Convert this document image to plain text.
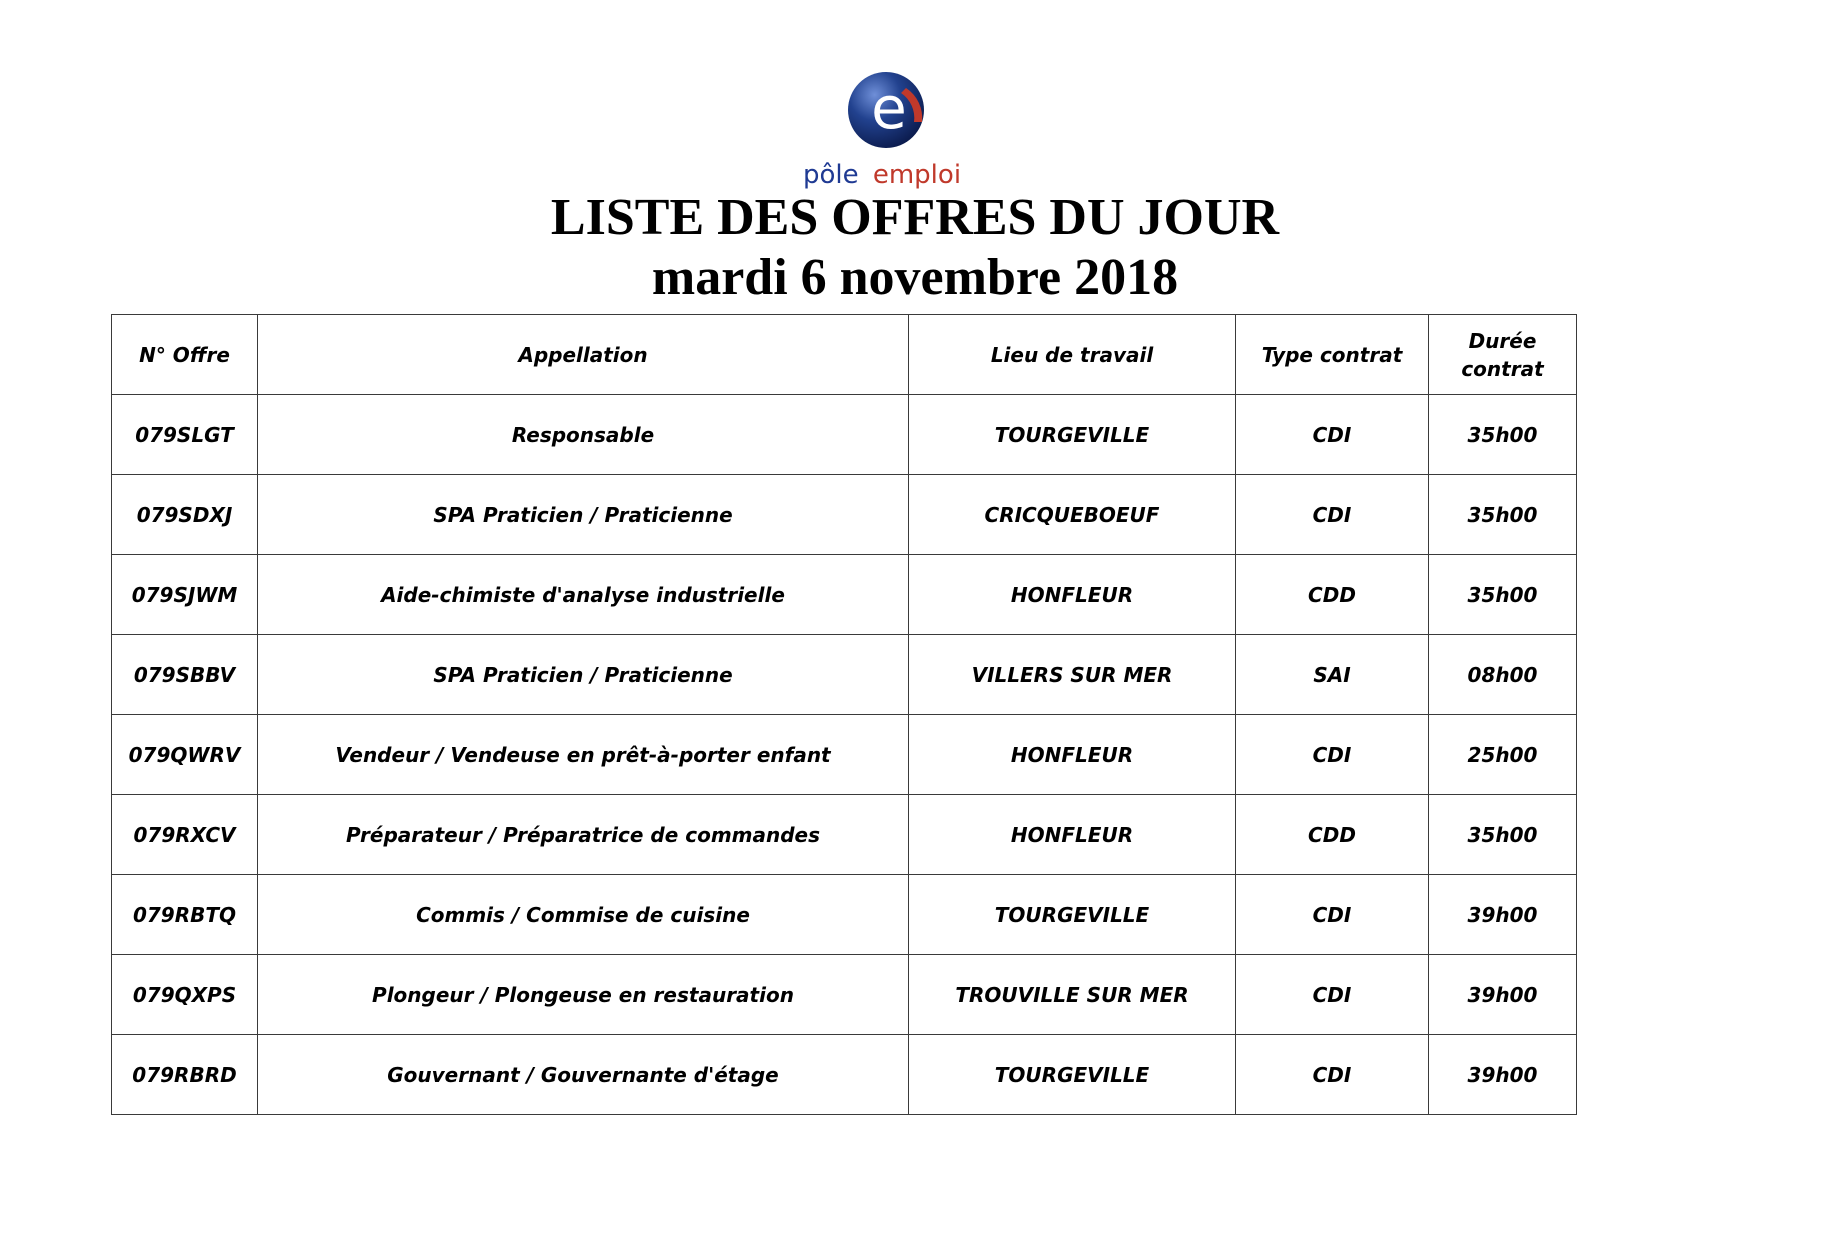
e
pôle emploi
LISTE DES OFFRES DU JOUR
mardi 6 novembre 2018
N° Offre	Appellation	Lieu de travail	Type contrat	Durée contrat
079SLGT	Responsable	TOURGEVILLE	CDI	35h00
079SDXJ	SPA Praticien / Praticienne	CRICQUEBOEUF	CDI	35h00
079SJWM	Aide-chimiste d'analyse industrielle	HONFLEUR	CDD	35h00
079SBBV	SPA Praticien / Praticienne	VILLERS SUR MER	SAI	08h00
079QWRV	Vendeur / Vendeuse en prêt-à-porter enfant	HONFLEUR	CDI	25h00
079RXCV	Préparateur / Préparatrice de commandes	HONFLEUR	CDD	35h00
079RBTQ	Commis / Commise de cuisine	TOURGEVILLE	CDI	39h00
079QXPS	Plongeur / Plongeuse en restauration	TROUVILLE SUR MER	CDI	39h00
079RBRD	Gouvernant / Gouvernante d'étage	TOURGEVILLE	CDI	39h00
